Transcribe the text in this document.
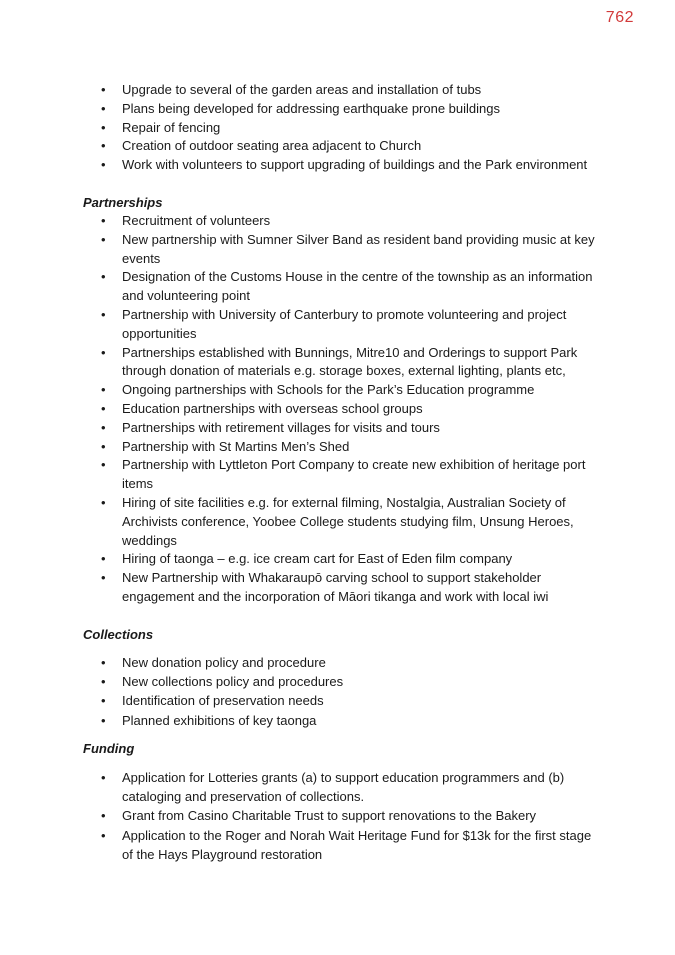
762
• Upgrade to several of the garden areas and installation of tubs
• Plans being developed for addressing earthquake prone buildings
• Repair of fencing
• Creation of outdoor seating area adjacent to Church
• Work with volunteers to support upgrading of buildings and the Park environment

Partnerships

• Recruitment of volunteers
• New partnership with Sumner Silver Band as resident band providing music at key events
• Designation of the Customs House in the centre of the township as an information and volunteering point
• Partnership with University of Canterbury to promote volunteering and project opportunities
• Partnerships established with Bunnings, Mitre10 and Orderings to support Park through donation of materials e.g. storage boxes, external lighting, plants etc,
• Ongoing partnerships with Schools for the Park’s Education programme
• Education partnerships with overseas school groups
• Partnerships with retirement villages for visits and tours
• Partnership with St Martins Men’s Shed
• Partnership with Lyttleton Port Company to create new exhibition of heritage port items
• Hiring of site facilities e.g. for external filming, Nostalgia, Australian Society of Archivists conference, Yoobee College students studying film, Unsung Heroes, weddings
• Hiring of taonga – e.g. ice cream cart for East of Eden film company
• New Partnership with Whakaraupō carving school to support stakeholder engagement and the incorporation of Māori tikanga and work with local iwi

Collections

• New donation policy and procedure
• New collections policy and procedures
• Identification of preservation needs
• Planned exhibitions of key taonga

Funding

• Application for Lotteries grants (a) to support education programmers and (b) cataloging and preservation of collections.
• Grant from Casino Charitable Trust to support renovations to the Bakery
• Application to the Roger and Norah Wait Heritage Fund for $13k for the first stage of the Hays Playground restoration
